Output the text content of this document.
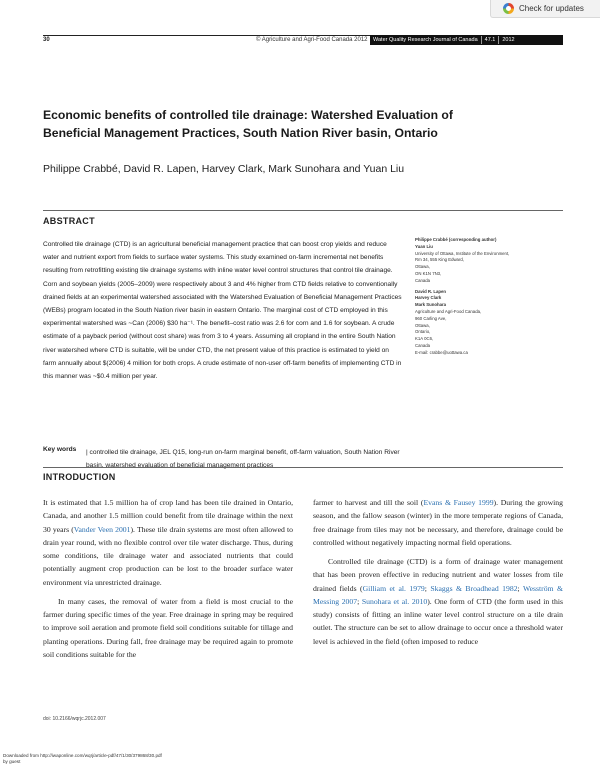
Check for updates
30	© Agriculture and Agri-Food Canada 2012	Water Quality Research Journal of Canada	47.1	2012
Economic benefits of controlled tile drainage: Watershed Evaluation of Beneficial Management Practices, South Nation River basin, Ontario
Philippe Crabbé, David R. Lapen, Harvey Clark, Mark Sunohara and Yuan Liu
ABSTRACT
Controlled tile drainage (CTD) is an agricultural beneficial management practice that can boost crop yields and reduce water and nutrient export from fields to surface water systems. This study examined on-farm incremental net benefits resulting from retrofitting existing tile drainage systems with inline water level control structures that control tile drainage. Corn and soybean yields (2005–2009) were respectively about 3 and 4% higher from CTD fields relative to conventionally drained fields at an experimental watershed associated with the Watershed Evaluation of Beneficial Management Practices (WEBs) program located in the South Nation river basin in eastern Ontario. The marginal cost of CTD employed in this experimental watershed was ~Can (2006) $30 ha⁻¹. The benefit–cost ratio was 2.6 for corn and 1.6 for soybean. A crude estimate of a payback period (without cost share) was from 3 to 4 years. Assuming all cropland in the entire South Nation river watershed where CTD is suitable, will be under CTD, the net present value of this practice is estimated to yield on farm annually about $(2006) 4 million for both crops. A crude estimate of non-user off-farm benefits of implementing CTD in this manner was ~$0.4 million per year.
Key words | controlled tile drainage, JEL Q15, long-run on-farm marginal benefit, off-farm valuation, South Nation River basin, watershed evaluation of beneficial management practices
Philippe Crabbé (corresponding author)
Yuan Liu
University of Ottawa, Institute of the Environment,
Rm 34, 555 King Edward,
Ottawa,
ON K1N 7N3,
Canada
David R. Lapen
Harvey Clark
Mark Sunohara
Agriculture and Agri-Food Canada,
960 Carling Ave,
Ottawa,
Ontario,
K1A 0C6,
Canada
E-mail: crabbe@uottawa.ca
INTRODUCTION

It is estimated that 1.5 million ha of crop land has been tile drained in Ontario, Canada, and another 1.5 million could benefit from tile drainage within the next 30 years (Vander Veen 2001). These tile drain systems are most often allowed to drain year round, with no flexible control over tile water discharge. Thus, during some conditions, tile drainage water and associated nutrients that could potentially augment crop production can be lost to the broader surface water environment via unrestricted drainage.

In many cases, the removal of water from a field is most crucial to the farmer during specific times of the year. Free drainage in spring may be required to improve soil aeration and promote field soil conditions suitable for tillage and planting operations. During fall, free drainage may be required again to promote soil conditions suitable for the

farmer to harvest and till the soil (Evans & Fausey 1999). During the growing season, and the fallow season (winter) in the more temperate regions of Canada, free drainage from tiles may not be necessary, and therefore, drainage could be controlled without negatively impacting normal field operations.

Controlled tile drainage (CTD) is a form of drainage water management that has been proven effective in reducing nutrient and water losses from tile drained fields (Gilliam et al. 1979; Skaggs & Broadhead 1982; Wesström & Messing 2007; Sunohara et al. 2010). One form of CTD (the form used in this study) consists of fitting an inline water level control structure on a tile drain outlet. The structure can be set to allow drainage to occur once a threshold water level is achieved in the field (often imposed to reduce

doi: 10.2166/wqrjc.2012.007
Downloaded from http://iwaponline.com/wqrj/article-pdf/47/1/30/379868/30.pdf
by guest
